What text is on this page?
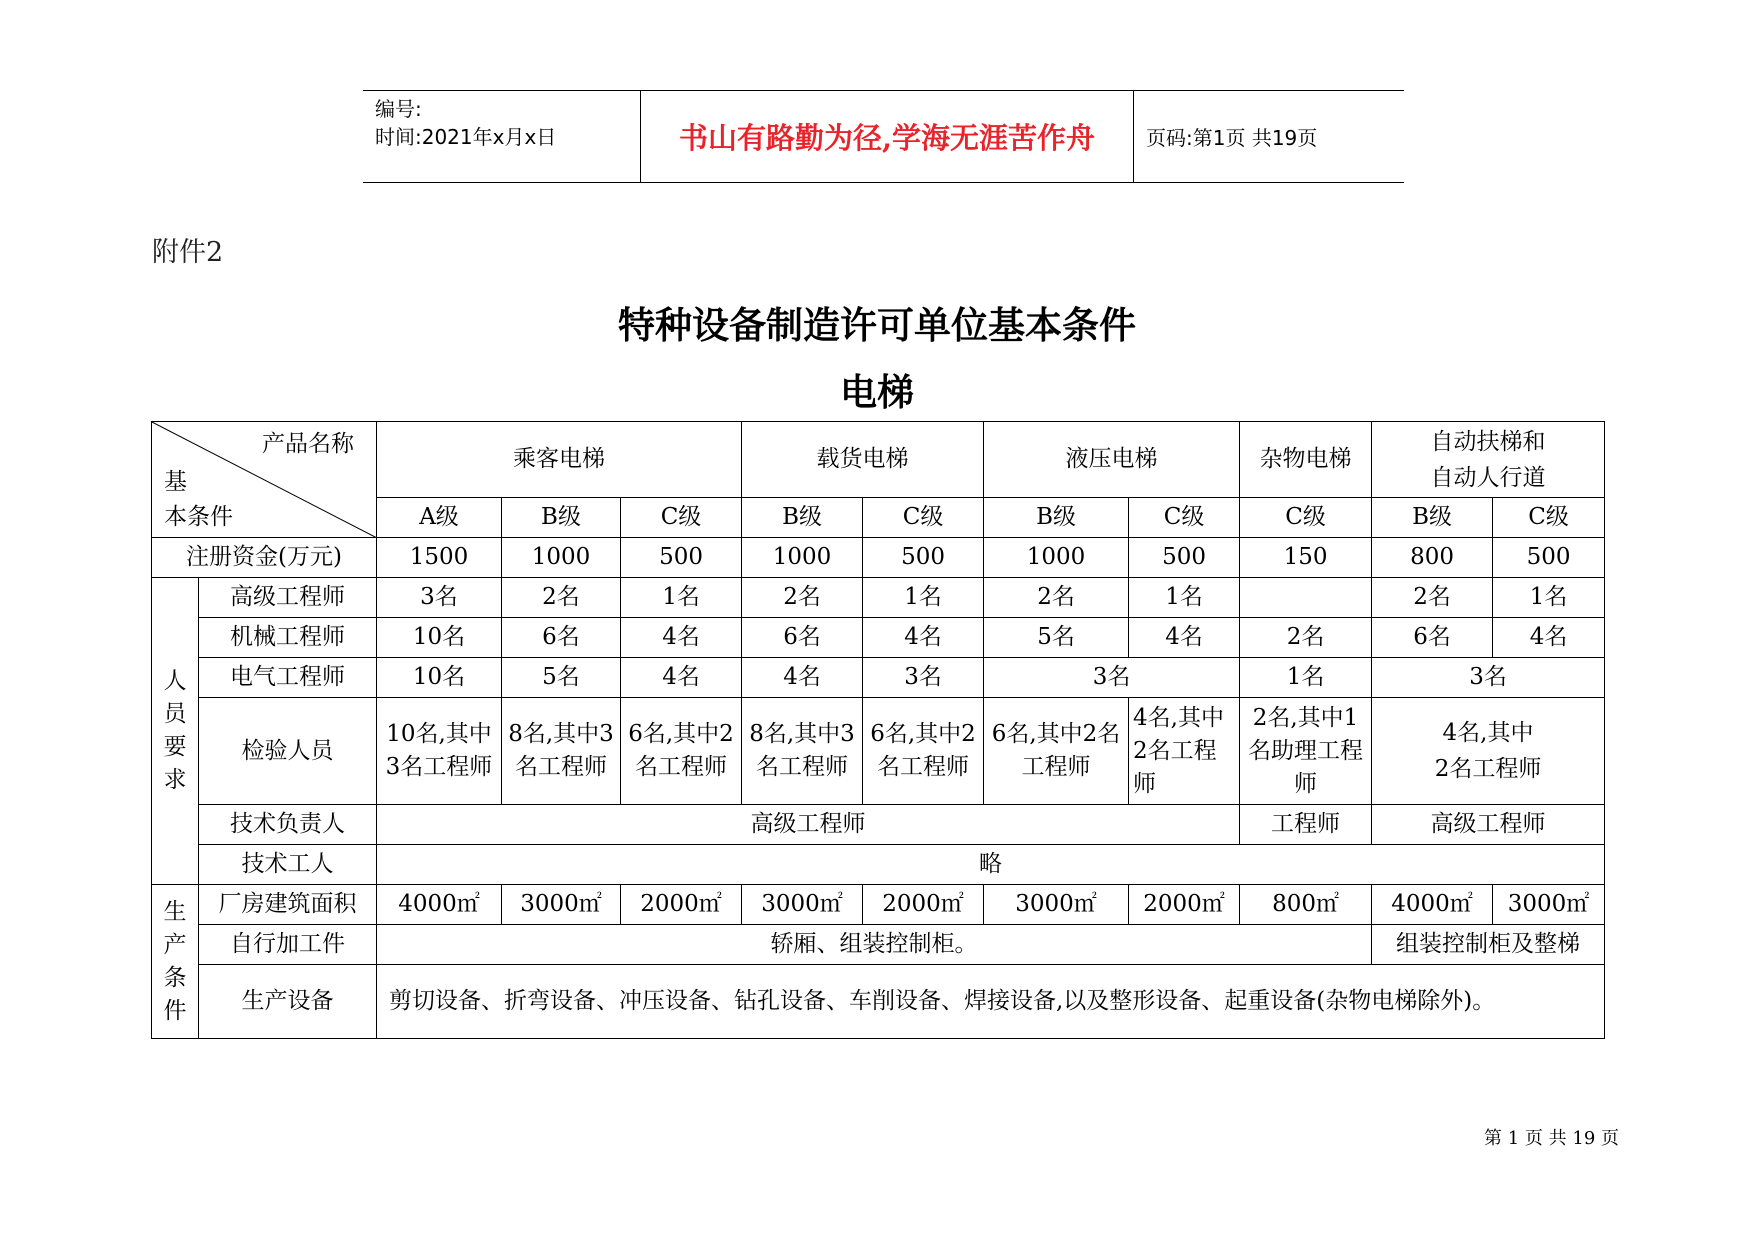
编号:
时间:2021年x月x日	书山有路勤为径,学海无涯苦作舟	页码:第1页 共19页
附件2
特种设备制造许可单位基本条件
电梯
产品名称
基
本条件		乘客电梯			载货电梯		液压电梯		杂物电梯	自动扶梯和
自动人行道	
		A级	B级	C级	B级	C级	B级	C级	C级	B级	C级
注册资金(万元)		1500	1000	500	1000	500	1000	500	150	800	500
人
员
要
求	高级工程师	3名	2名	1名	2名	1名	2名	1名		2名	1名
	机械工程师	10名	6名	4名	6名	4名	5名	4名	2名	6名	4名
	电气工程师	10名	5名	4名	4名	3名	3名		1名	3名	
	检验人员	10名,其中3名工程师	8名,其中3名工程师	6名,其中2名工程师	8名,其中3名工程师	6名,其中2名工程师	6名,其中2名工程师	4名,其中2名工程师	2名,其中1名助理工程师	4名,其中
2名工程师	
	技术负责人	高级工程师							工程师	高级工程师	
	技术工人	略									
生
产
条
件	厂房建筑面积	4000㎡	3000㎡	2000㎡	3000㎡	2000㎡	3000㎡	2000㎡	800㎡	4000㎡	3000㎡
	自行加工件	轿厢、组装控制柜。								组装控制柜及整梯	
	生产设备	剪切设备、折弯设备、冲压设备、钻孔设备、车削设备、焊接设备,以及整形设备、起重设备(杂物电梯除外)。									
第 1 页 共 19 页
